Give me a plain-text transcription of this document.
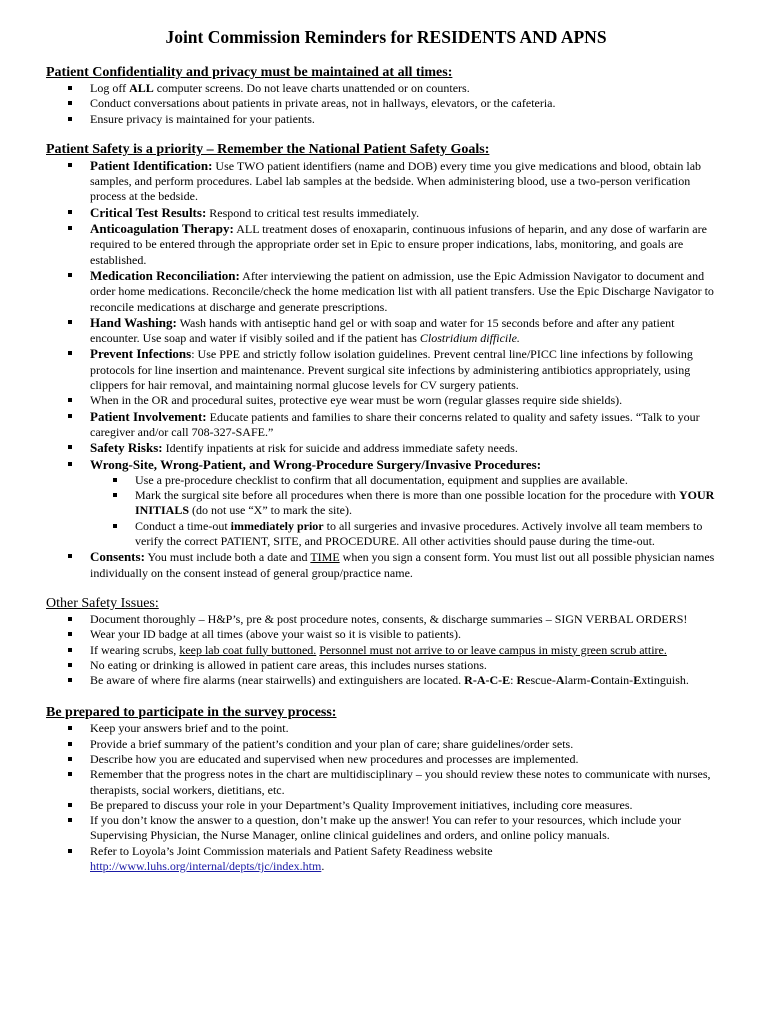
Joint Commission Reminders for RESIDENTS AND APNS
Patient Confidentiality and privacy must be maintained at all times:
Log off ALL computer screens. Do not leave charts unattended or on counters.
Conduct conversations about patients in private areas, not in hallways, elevators, or the cafeteria.
Ensure privacy is maintained for your patients.
Patient Safety is a priority – Remember the National Patient Safety Goals:
Patient Identification: Use TWO patient identifiers (name and DOB) every time you give medications and blood, obtain lab samples, and perform procedures. Label lab samples at the bedside. When administering blood, use a two-person verification process at the bedside.
Critical Test Results: Respond to critical test results immediately.
Anticoagulation Therapy: ALL treatment doses of enoxaparin, continuous infusions of heparin, and any dose of warfarin are required to be entered through the appropriate order set in Epic to ensure proper indications, labs, monitoring, and goals are established.
Medication Reconciliation: After interviewing the patient on admission, use the Epic Admission Navigator to document and order home medications. Reconcile/check the home medication list with all patient transfers. Use the Epic Discharge Navigator to reconcile medications at discharge and generate prescriptions.
Hand Washing: Wash hands with antiseptic hand gel or with soap and water for 15 seconds before and after any patient encounter. Use soap and water if visibly soiled and if the patient has Clostridium difficile.
Prevent Infections: Use PPE and strictly follow isolation guidelines. Prevent central line/PICC line infections by following protocols for line insertion and maintenance. Prevent surgical site infections by administering antibiotics appropriately, using clippers for hair removal, and maintaining normal glucose levels for CV surgery patients.
When in the OR and procedural suites, protective eye wear must be worn (regular glasses require side shields).
Patient Involvement: Educate patients and families to share their concerns related to quality and safety issues. “Talk to your caregiver and/or call 708-327-SAFE.”
Safety Risks: Identify inpatients at risk for suicide and address immediate safety needs.
Wrong-Site, Wrong-Patient, and Wrong-Procedure Surgery/Invasive Procedures:
Use a pre-procedure checklist to confirm that all documentation, equipment and supplies are available.
Mark the surgical site before all procedures when there is more than one possible location for the procedure with YOUR INITIALS (do not use “X” to mark the site).
Conduct a time-out immediately prior to all surgeries and invasive procedures. Actively involve all team members to verify the correct PATIENT, SITE, and PROCEDURE. All other activities should pause during the time-out.
Consents: You must include both a date and TIME when you sign a consent form. You must list out all possible physician names individually on the consent instead of general group/practice name.
Other Safety Issues:
Document thoroughly – H&P’s, pre & post procedure notes, consents, & discharge summaries – SIGN VERBAL ORDERS!
Wear your ID badge at all times (above your waist so it is visible to patients).
If wearing scrubs, keep lab coat fully buttoned. Personnel must not arrive to or leave campus in misty green scrub attire.
No eating or drinking is allowed in patient care areas, this includes nurses stations.
Be aware of where fire alarms (near stairwells) and extinguishers are located. R-A-C-E: Rescue-Alarm-Contain-Extinguish.
Be prepared to participate in the survey process:
Keep your answers brief and to the point.
Provide a brief summary of the patient’s condition and your plan of care; share guidelines/order sets.
Describe how you are educated and supervised when new procedures and processes are implemented.
Remember that the progress notes in the chart are multidisciplinary – you should review these notes to communicate with nurses, therapists, social workers, dietitians, etc.
Be prepared to discuss your role in your Department’s Quality Improvement initiatives, including core measures.
If you don’t know the answer to a question, don’t make up the answer! You can refer to your resources, which include your Supervising Physician, the Nurse Manager, online clinical guidelines and orders, and online policy manuals.
Refer to Loyola’s Joint Commission materials and Patient Safety Readiness website http://www.luhs.org/internal/depts/tjc/index.htm.
